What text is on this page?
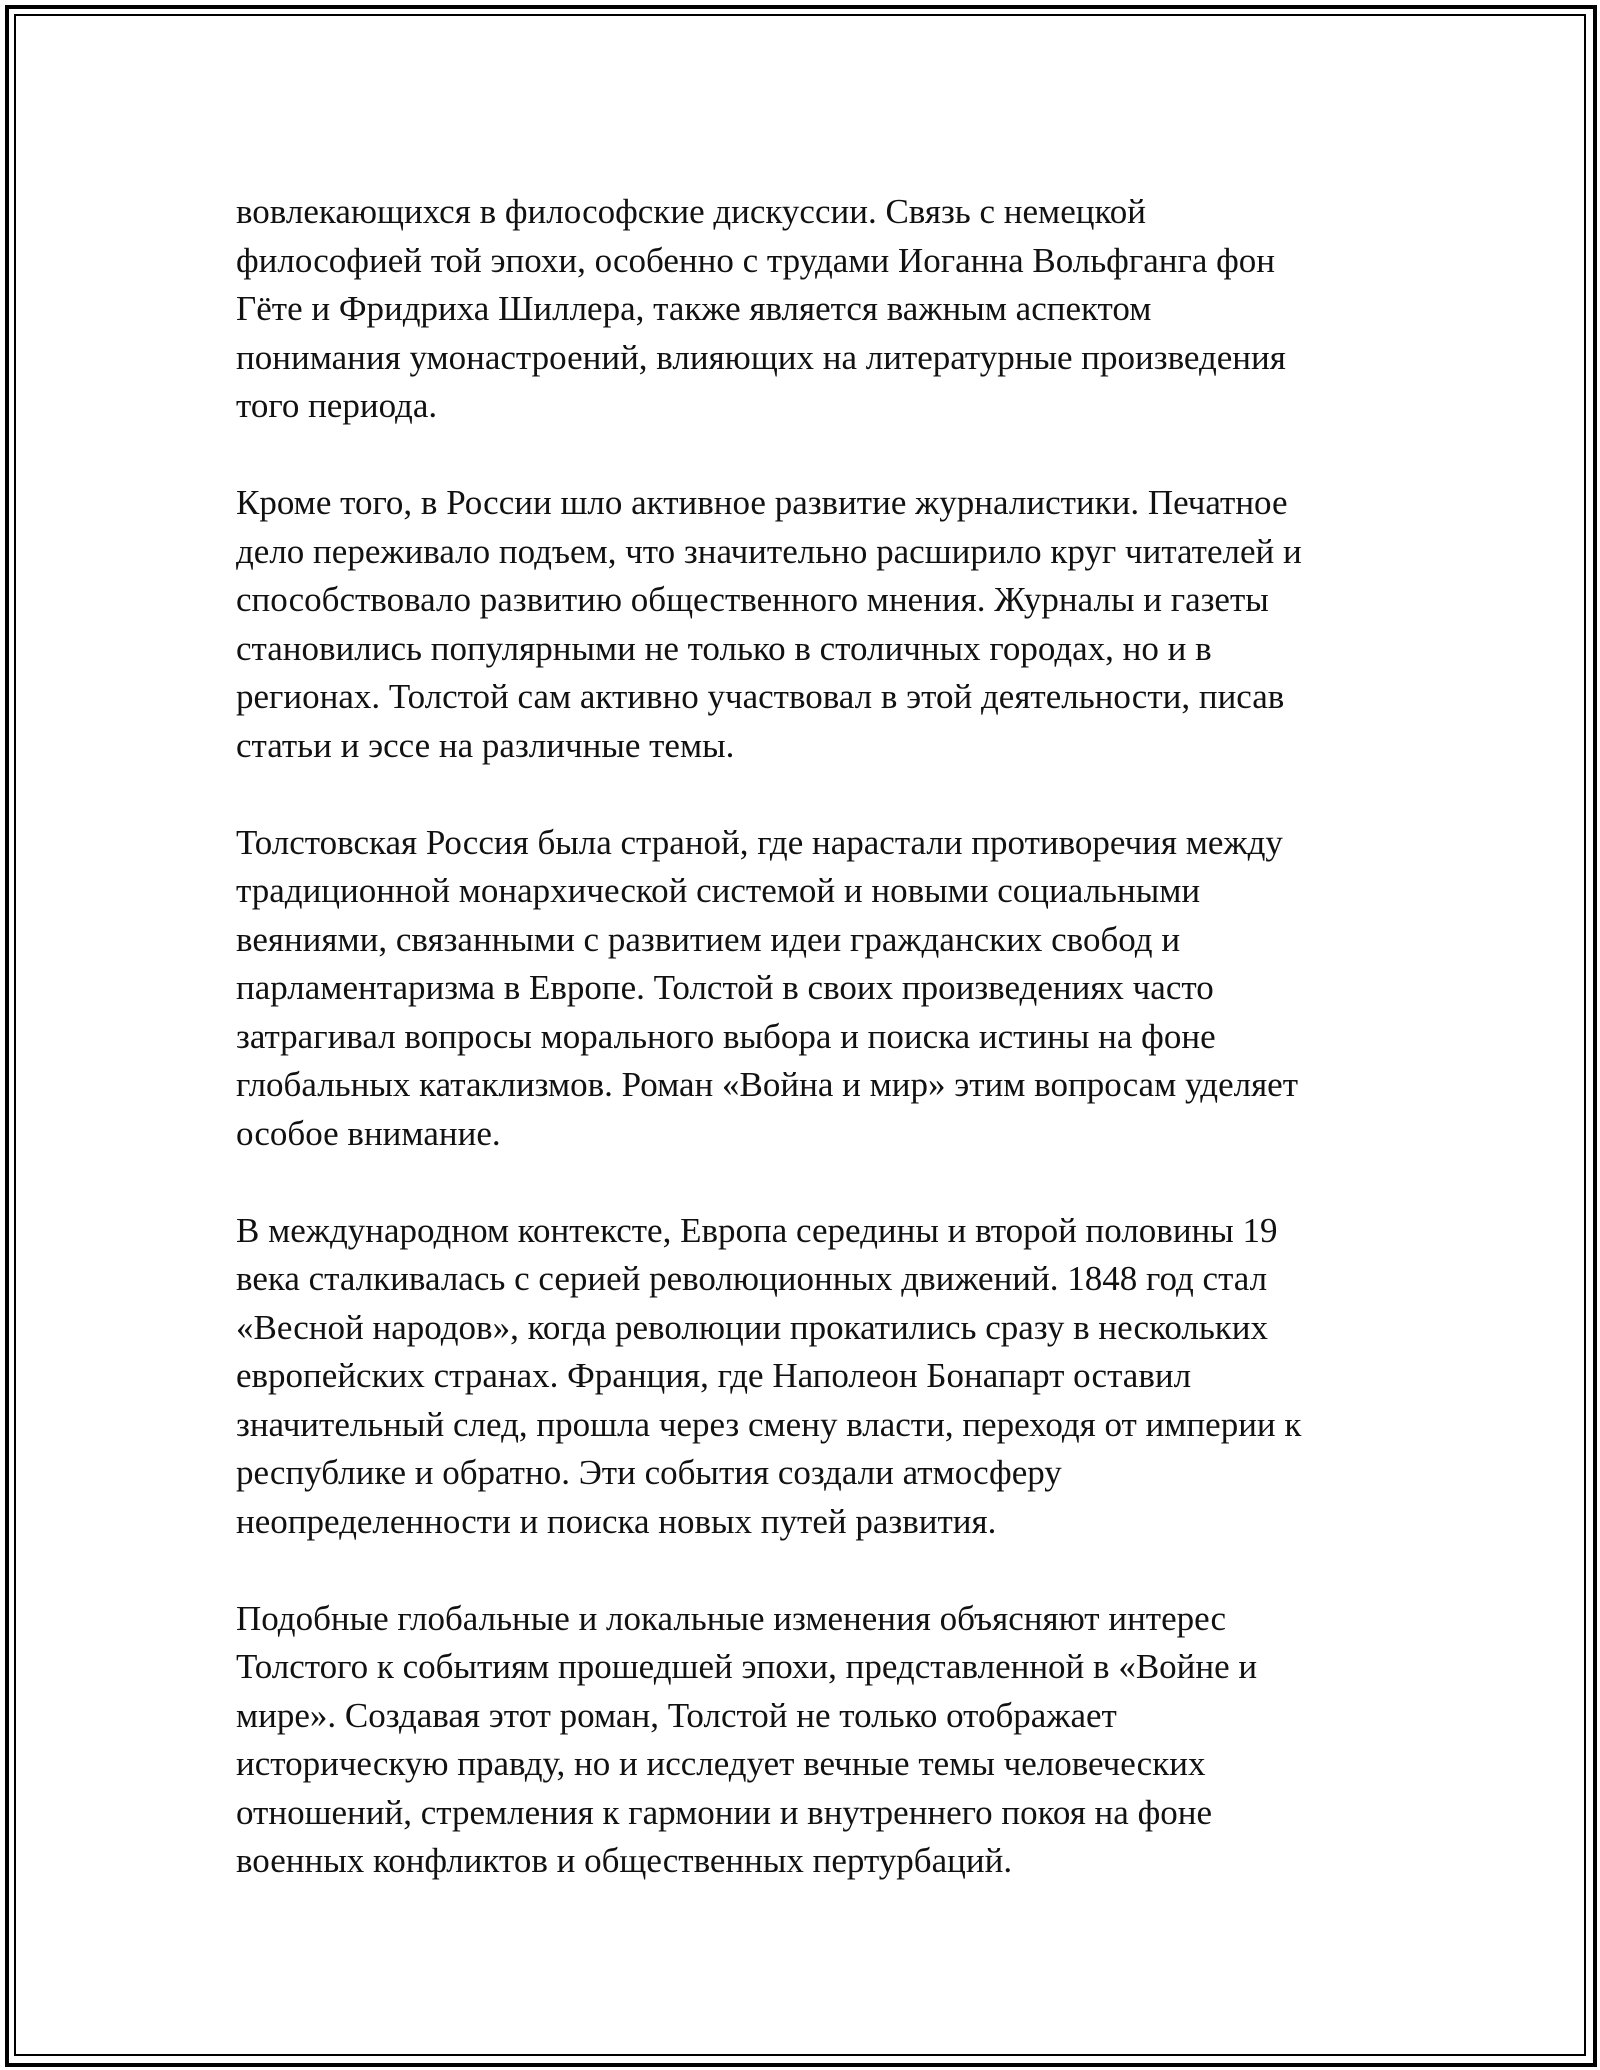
вовлекающихся в философские дискуссии. Связь с немецкой
философией той эпохи, особенно с трудами Иоганна Вольфганга фон
Гёте и Фридриха Шиллера, также является важным аспектом
понимания умонастроений, влияющих на литературные произведения
того периода.

Кроме того, в России шло активное развитие журналистики. Печатное
дело переживало подъем, что значительно расширило круг читателей и
способствовало развитию общественного мнения. Журналы и газеты
становились популярными не только в столичных городах, но и в
регионах. Толстой сам активно участвовал в этой деятельности, писав
статьи и эссе на различные темы.

Толстовская Россия была страной, где нарастали противоречия между
традиционной монархической системой и новыми социальными
веяниями, связанными с развитием идеи гражданских свобод и
парламентаризма в Европе. Толстой в своих произведениях часто
затрагивал вопросы морального выбора и поиска истины на фоне
глобальных катаклизмов. Роман «Война и мир» этим вопросам уделяет
особое внимание.

В международном контексте, Европа середины и второй половины 19
века сталкивалась с серией революционных движений. 1848 год стал
«Весной народов», когда революции прокатились сразу в нескольких
европейских странах. Франция, где Наполеон Бонапарт оставил
значительный след, прошла через смену власти, переходя от империи к
республике и обратно. Эти события создали атмосферу
неопределенности и поиска новых путей развития.

Подобные глобальные и локальные изменения объясняют интерес
Толстого к событиям прошедшей эпохи, представленной в «Войне и
мире». Создавая этот роман, Толстой не только отображает
историческую правду, но и исследует вечные темы человеческих
отношений, стремления к гармонии и внутреннего покоя на фоне
военных конфликтов и общественных пертурбаций.
